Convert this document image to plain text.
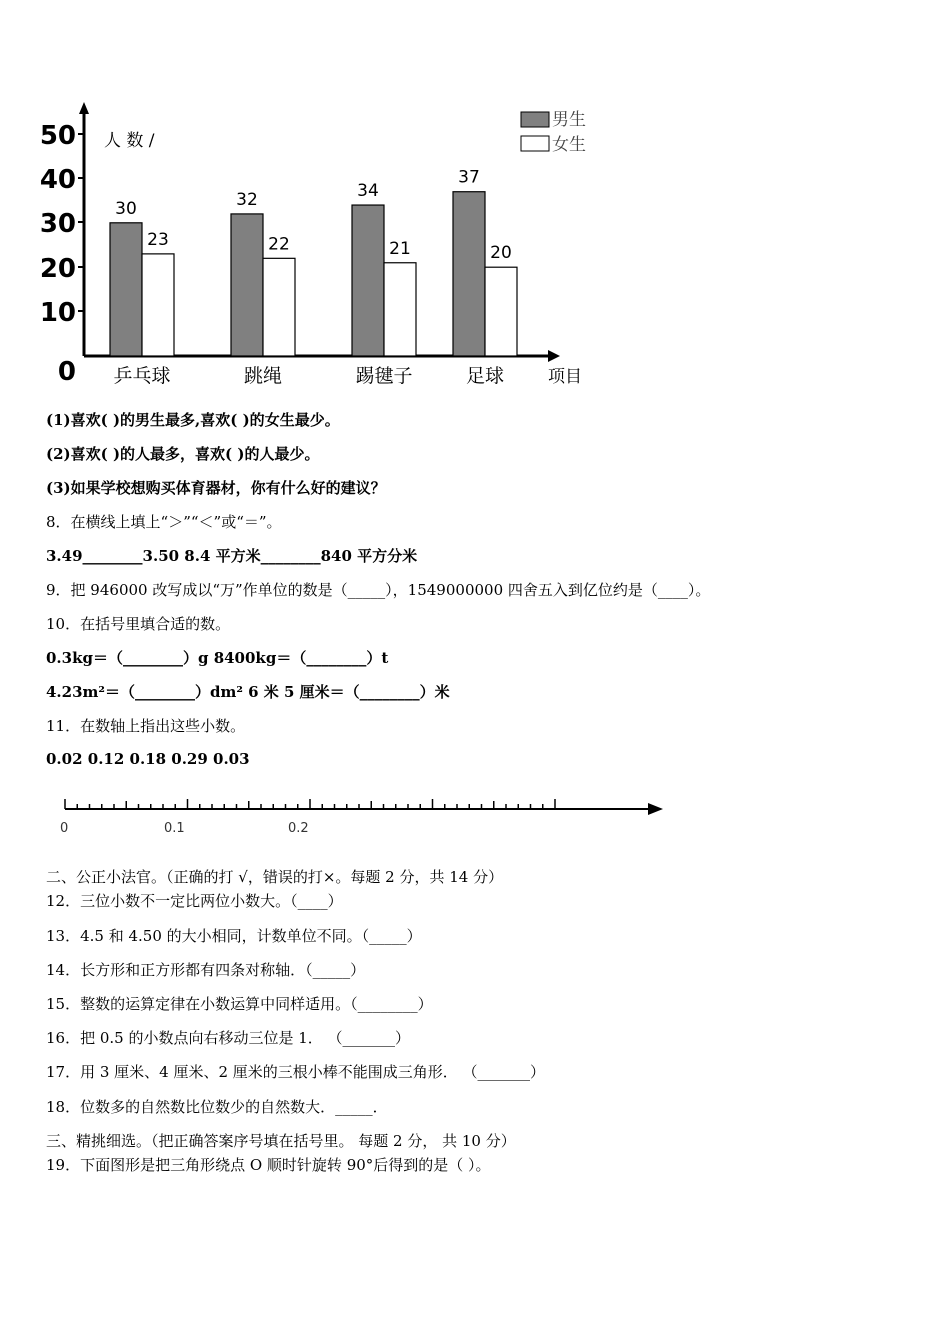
50
40
30
20
10
0
人 数 /
项目
男生
女生
30
23
乒乓球
32
22
跳绳
34
21
踢毽子
37
20
足球
(1)喜欢( )的男生最多,喜欢( )的女生最少。
(2)喜欢( )的人最多，喜欢( )的人最少。
(3)如果学校想购买体育器材，你有什么好的建议？
8．在横线上填上“＞”“＜”或“＝”。
3.49________3.50 8.4 平方米________840 平方分米
9．把 946000 改写成以“万”作单位的数是（_____），1549000000 四舍五入到亿位约是（____）。
10．在括号里填合适的数。
0.3kg＝（________）g 8400kg＝（________）t
4.23m²＝（________）dm² 6 米 5 厘米＝（________）米
11．在数轴上指出这些小数。
0.02 0.12 0.18 0.29 0.03
0	0.1	0.2
二、公正小法官。（正确的打 √，错误的打×。每题 2 分，共 14 分）
12．三位小数不一定比两位小数大。（____）
13．4.5 和 4.50 的大小相同，计数单位不同。（_____）
14．长方形和正方形都有四条对称轴．（_____）
15．整数的运算定律在小数运算中同样适用。（________）
16．把 0.5 的小数点向右移动三位是 1． （_______）
17．用 3 厘米、4 厘米、2 厘米的三根小棒不能围成三角形． （_______）
18．位数多的自然数比位数少的自然数大．_____．
三、精挑细选。（把正确答案序号填在括号里。 每题 2 分， 共 10 分）
19．下面图形是把三角形绕点 O 顺时针旋转 90°后得到的是（ ）。
